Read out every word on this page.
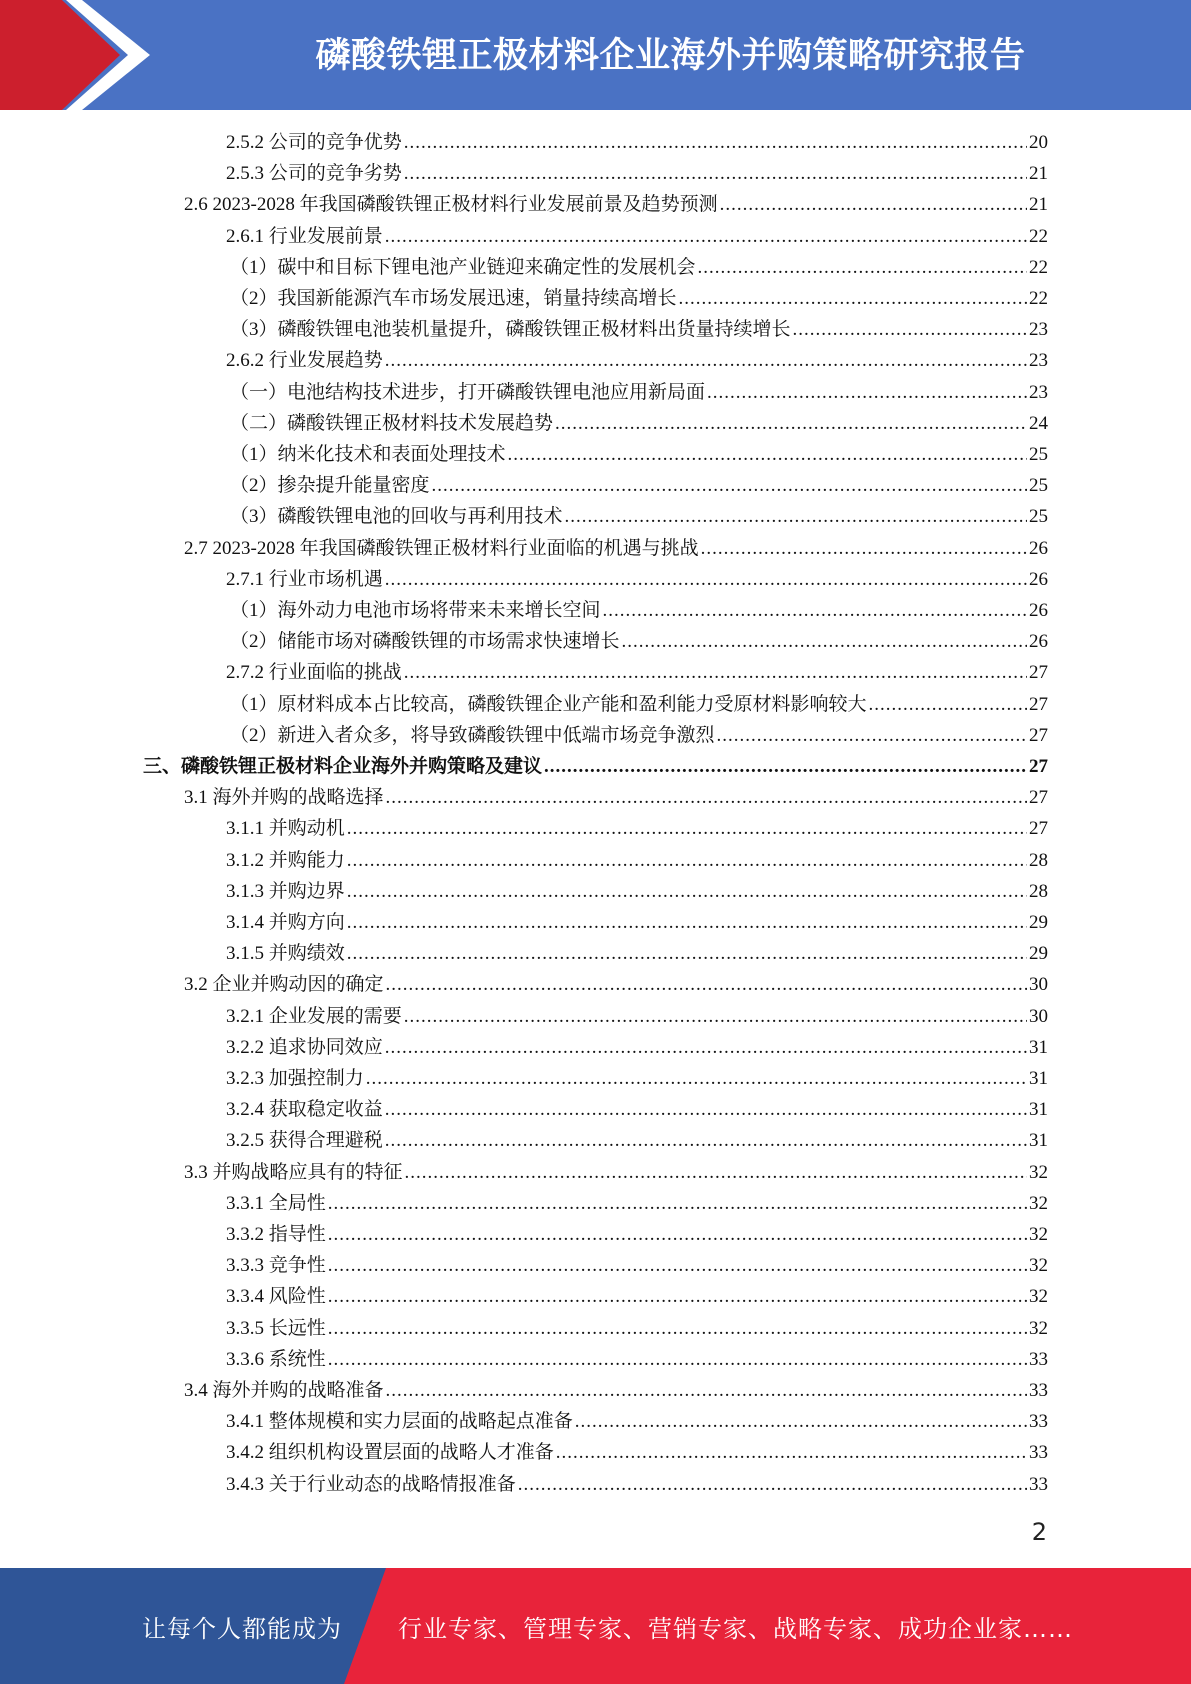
磷酸铁锂正极材料企业海外并购策略研究报告
2.5.2 公司的竞争优势 .....	20
2.5.3 公司的竞争劣势 .....	21
2.6 2023-2028 年我国磷酸铁锂正极材料行业发展前景及趋势预测 .....	21
2.6.1 行业发展前景 .....	22
（1）碳中和目标下锂电池产业链迎来确定性的发展机会 .....	22
（2）我国新能源汽车市场发展迅速，销量持续高增长 .....	22
（3）磷酸铁锂电池装机量提升，磷酸铁锂正极材料出货量持续增长 .....	23
2.6.2 行业发展趋势 .....	23
（一）电池结构技术进步，打开磷酸铁锂电池应用新局面 .....	23
（二）磷酸铁锂正极材料技术发展趋势 .....	24
（1）纳米化技术和表面处理技术 .....	25
（2）掺杂提升能量密度 .....	25
（3）磷酸铁锂电池的回收与再利用技术 .....	25
2.7 2023-2028 年我国磷酸铁锂正极材料行业面临的机遇与挑战 .....	26
2.7.1 行业市场机遇 .....	26
（1）海外动力电池市场将带来未来增长空间 .....	26
（2）储能市场对磷酸铁锂的市场需求快速增长 .....	26
2.7.2 行业面临的挑战 .....	27
（1）原材料成本占比较高，磷酸铁锂企业产能和盈利能力受原材料影响较大 .....	27
（2）新进入者众多，将导致磷酸铁锂中低端市场竞争激烈 .....	27
三、磷酸铁锂正极材料企业海外并购策略及建议 .....	27
3.1 海外并购的战略选择 .....	27
3.1.1 并购动机 .....	27
3.1.2 并购能力 .....	28
3.1.3 并购边界 .....	28
3.1.4 并购方向 .....	29
3.1.5 并购绩效 .....	29
3.2 企业并购动因的确定 .....	30
3.2.1 企业发展的需要 .....	30
3.2.2 追求协同效应 .....	31
3.2.3 加强控制力 .....	31
3.2.4 获取稳定收益 .....	31
3.2.5 获得合理避税 .....	31
3.3 并购战略应具有的特征 .....	32
3.3.1 全局性 .....	32
3.3.2 指导性 .....	32
3.3.3 竞争性 .....	32
3.3.4 风险性 .....	32
3.3.5 长远性 .....	32
3.3.6 系统性 .....	33
3.4 海外并购的战略准备 .....	33
3.4.1 整体规模和实力层面的战略起点准备 .....	33
3.4.2 组织机构设置层面的战略人才准备 .....	33
3.4.3 关于行业动态的战略情报准备 .....	33
2
让每个人都能成为 行业专家、管理专家、营销专家、战略专家、成功企业家……
